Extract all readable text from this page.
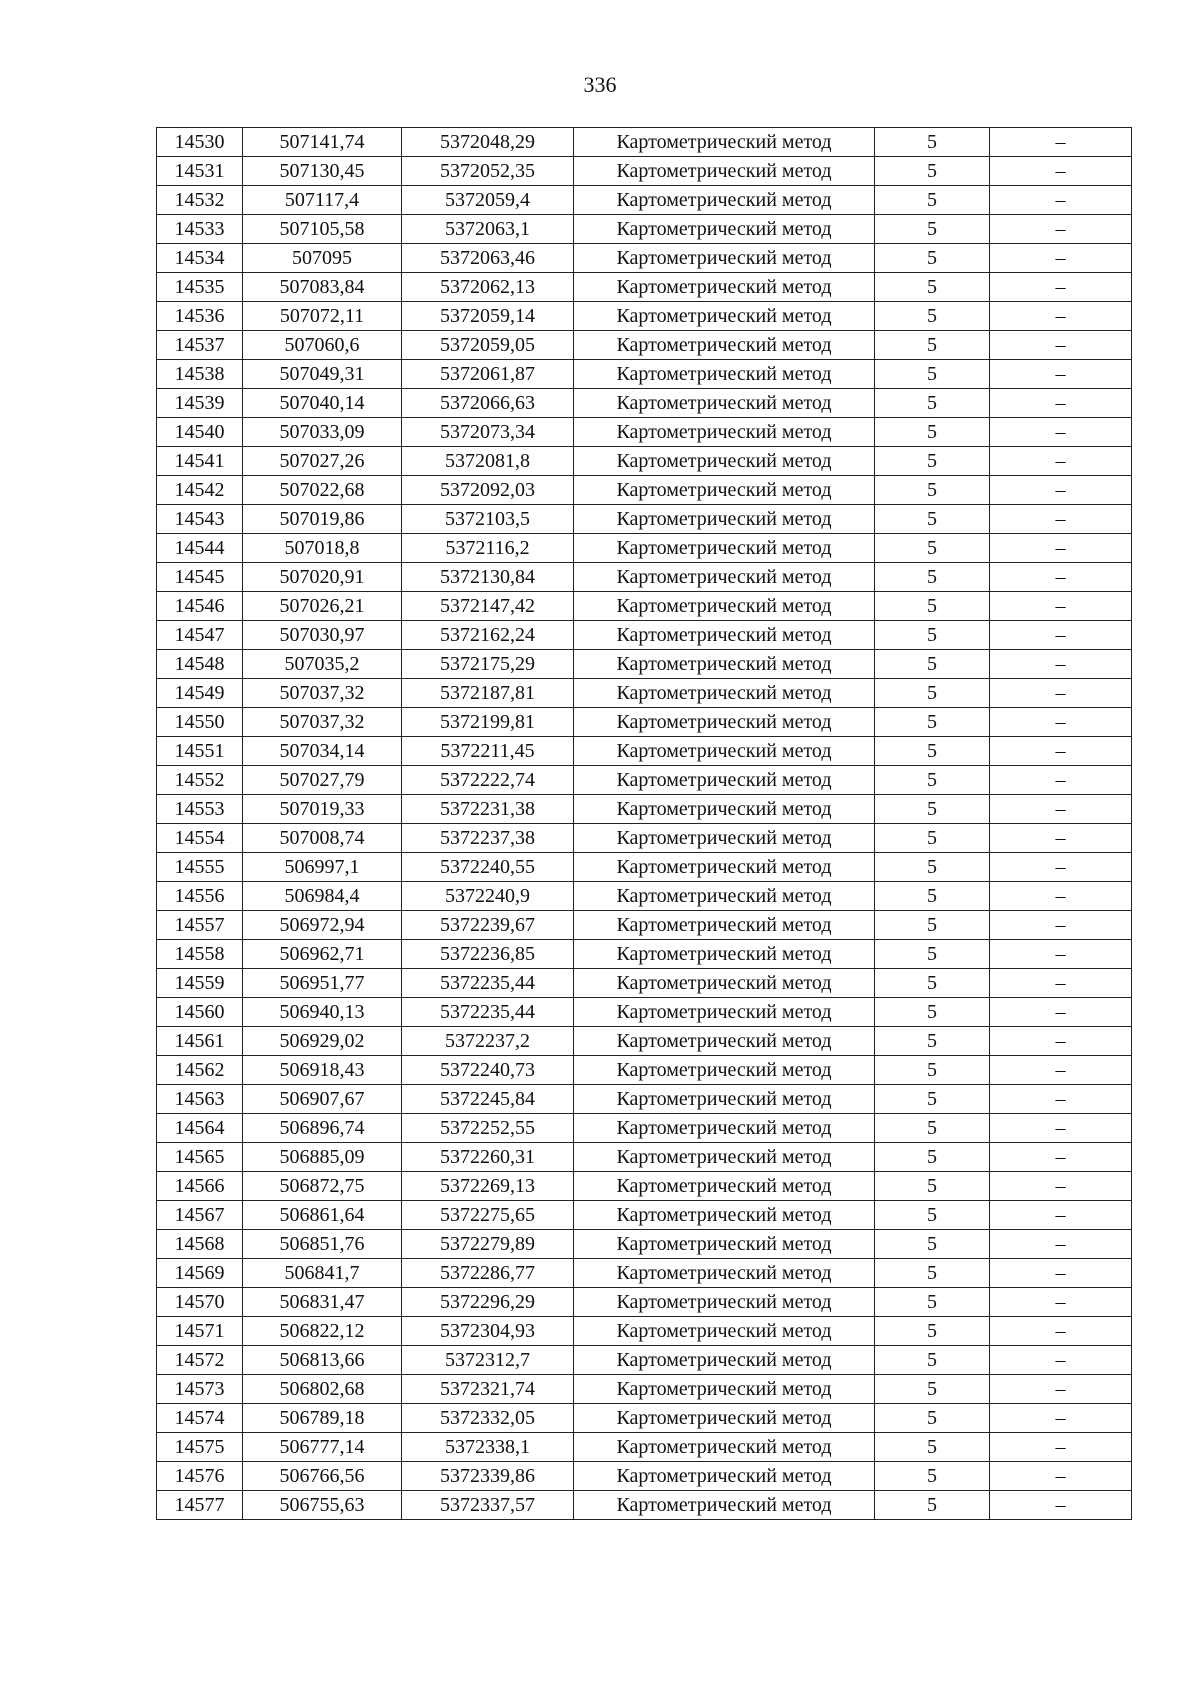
336
14530	507141,74	5372048,29	Картометрический метод	5	–
14531	507130,45	5372052,35	Картометрический метод	5	–
14532	507117,4	5372059,4	Картометрический метод	5	–
14533	507105,58	5372063,1	Картометрический метод	5	–
14534	507095	5372063,46	Картометрический метод	5	–
14535	507083,84	5372062,13	Картометрический метод	5	–
14536	507072,11	5372059,14	Картометрический метод	5	–
14537	507060,6	5372059,05	Картометрический метод	5	–
14538	507049,31	5372061,87	Картометрический метод	5	–
14539	507040,14	5372066,63	Картометрический метод	5	–
14540	507033,09	5372073,34	Картометрический метод	5	–
14541	507027,26	5372081,8	Картометрический метод	5	–
14542	507022,68	5372092,03	Картометрический метод	5	–
14543	507019,86	5372103,5	Картометрический метод	5	–
14544	507018,8	5372116,2	Картометрический метод	5	–
14545	507020,91	5372130,84	Картометрический метод	5	–
14546	507026,21	5372147,42	Картометрический метод	5	–
14547	507030,97	5372162,24	Картометрический метод	5	–
14548	507035,2	5372175,29	Картометрический метод	5	–
14549	507037,32	5372187,81	Картометрический метод	5	–
14550	507037,32	5372199,81	Картометрический метод	5	–
14551	507034,14	5372211,45	Картометрический метод	5	–
14552	507027,79	5372222,74	Картометрический метод	5	–
14553	507019,33	5372231,38	Картометрический метод	5	–
14554	507008,74	5372237,38	Картометрический метод	5	–
14555	506997,1	5372240,55	Картометрический метод	5	–
14556	506984,4	5372240,9	Картометрический метод	5	–
14557	506972,94	5372239,67	Картометрический метод	5	–
14558	506962,71	5372236,85	Картометрический метод	5	–
14559	506951,77	5372235,44	Картометрический метод	5	–
14560	506940,13	5372235,44	Картометрический метод	5	–
14561	506929,02	5372237,2	Картометрический метод	5	–
14562	506918,43	5372240,73	Картометрический метод	5	–
14563	506907,67	5372245,84	Картометрический метод	5	–
14564	506896,74	5372252,55	Картометрический метод	5	–
14565	506885,09	5372260,31	Картометрический метод	5	–
14566	506872,75	5372269,13	Картометрический метод	5	–
14567	506861,64	5372275,65	Картометрический метод	5	–
14568	506851,76	5372279,89	Картометрический метод	5	–
14569	506841,7	5372286,77	Картометрический метод	5	–
14570	506831,47	5372296,29	Картометрический метод	5	–
14571	506822,12	5372304,93	Картометрический метод	5	–
14572	506813,66	5372312,7	Картометрический метод	5	–
14573	506802,68	5372321,74	Картометрический метод	5	–
14574	506789,18	5372332,05	Картометрический метод	5	–
14575	506777,14	5372338,1	Картометрический метод	5	–
14576	506766,56	5372339,86	Картометрический метод	5	–
14577	506755,63	5372337,57	Картометрический метод	5	–
